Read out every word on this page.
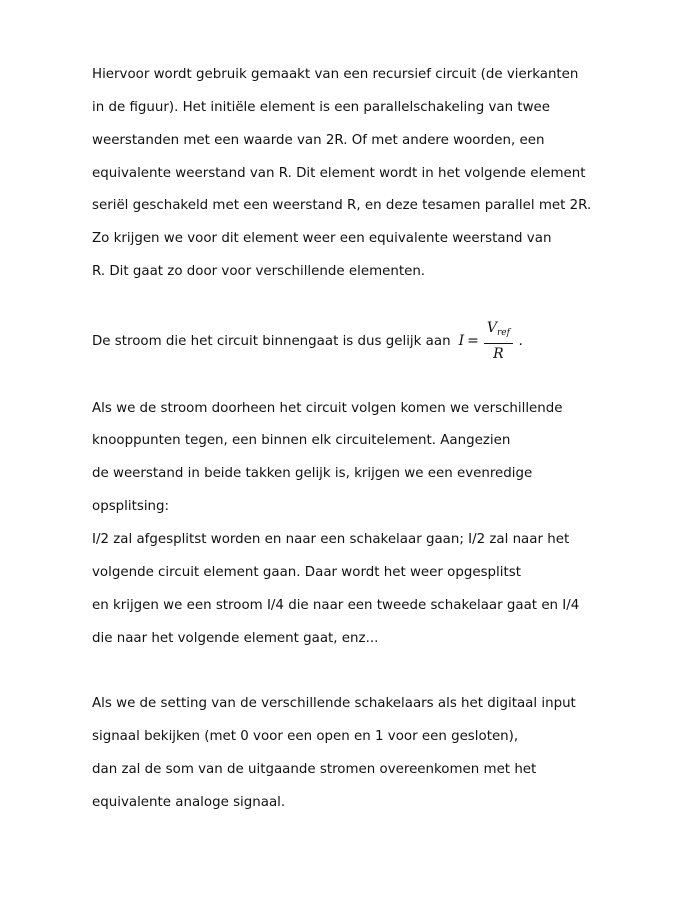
Hiervoor wordt gebruik gemaakt van een recursief circuit (de vierkanten
in de figuur). Het initiële element is een parallelschakeling van twee
weerstanden met een waarde van 2R. Of met andere woorden, een
equivalente weerstand van R. Dit element wordt in het volgende element
seriël geschakeld met een weerstand R, en deze tesamen parallel met 2R.
Zo krijgen we voor dit element weer een equivalente weerstand van
R. Dit gaat zo door voor verschillende elementen.
De stroom die het circuit binnengaat is dus gelijk aan $I = \frac{V_{ref}}{R}$ .
Als we de stroom doorheen het circuit volgen komen we verschillende
knooppunten tegen, een binnen elk circuitelement. Aangezien
de weerstand in beide takken gelijk is, krijgen we een evenredige
opsplitsing:
I/2 zal afgesplitst worden en naar een schakelaar gaan; I/2 zal naar het
volgende circuit element gaan. Daar wordt het weer opgesplitst
en krijgen we een stroom I/4 die naar een tweede schakelaar gaat en I/4
die naar het volgende element gaat, enz...
Als we de setting van de verschillende schakelaars als het digitaal input
signaal bekijken (met 0 voor een open en 1 voor een gesloten),
dan zal de som van de uitgaande stromen overeenkomen met het
equivalente analoge signaal.
